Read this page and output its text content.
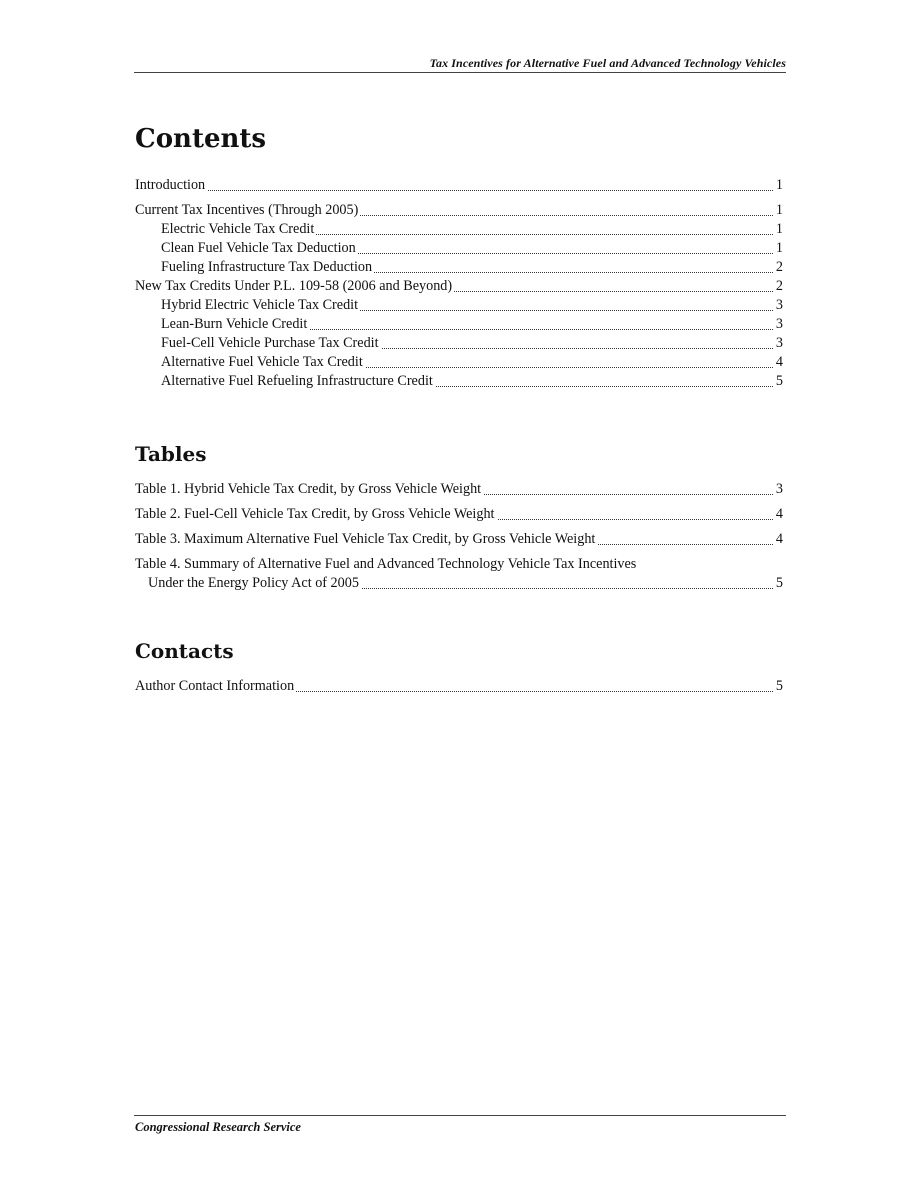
Tax Incentives for Alternative Fuel and Advanced Technology Vehicles
Contents
Introduction	1
Current Tax Incentives (Through 2005)	1
Electric Vehicle Tax Credit	1
Clean Fuel Vehicle Tax Deduction	1
Fueling Infrastructure Tax Deduction	2
New Tax Credits Under P.L. 109-58 (2006 and Beyond)	2
Hybrid Electric Vehicle Tax Credit	3
Lean-Burn Vehicle Credit	3
Fuel-Cell Vehicle Purchase Tax Credit	3
Alternative Fuel Vehicle Tax Credit	4
Alternative Fuel Refueling Infrastructure Credit	5
Tables
Table 1. Hybrid Vehicle Tax Credit, by Gross Vehicle Weight	3
Table 2. Fuel-Cell Vehicle Tax Credit, by Gross Vehicle Weight	4
Table 3. Maximum Alternative Fuel Vehicle Tax Credit, by Gross Vehicle Weight	4
Table 4. Summary of Alternative Fuel and Advanced Technology Vehicle Tax Incentives
Under the Energy Policy Act of 2005	5
Contacts
Author Contact Information	5
Congressional Research Service
